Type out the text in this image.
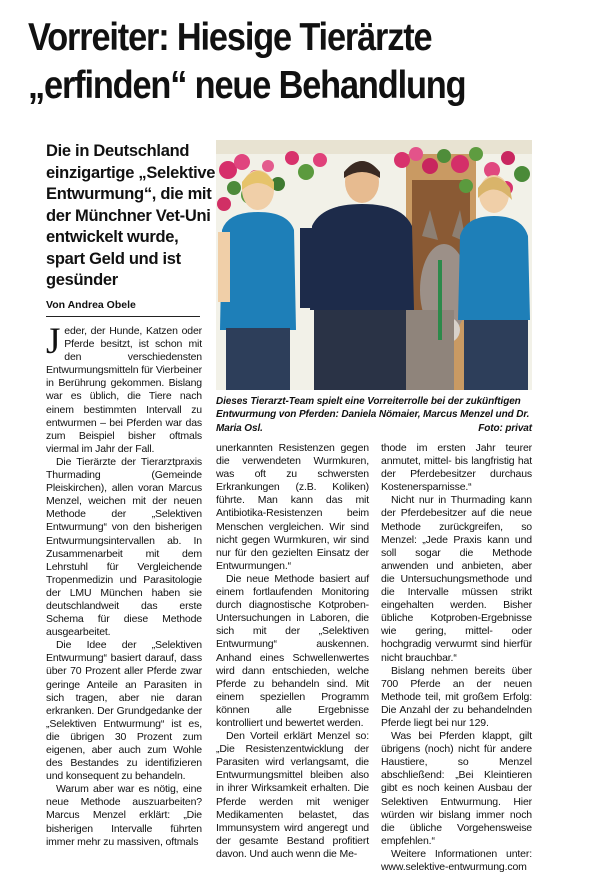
Vorreiter: Hiesige Tierärzte
„erfinden“ neue Behandlung
Die in Deutschland einzigartige „Selektive Entwurmung“, die mit der Münchner Vet-Uni entwickelt wurde, spart Geld und ist gesünder
Von Andrea Obele
Dieses Tierarzt-Team spielt eine Vorreiterrolle bei der zukünftigen Entwurmung von Pferden: Daniela Nömaier, Marcus Menzel und Dr. Maria Osl.	Foto: privat

Jeder, der Hunde, Katzen oder Pferde besitzt, ist schon mit den verschiedensten Entwurmungsmitteln für Vierbeiner in Berührung gekommen. Bislang war es üblich, die Tiere nach einem bestimmten Intervall zu entwurmen – bei Pferden war das zum Beispiel bisher oftmals viermal im Jahr der Fall.

Die Tierärzte der Tierarztpraxis Thurmading (Gemeinde Pleiskirchen), allen voran Marcus Menzel, weichen mit der neuen Methode der „Selektiven Entwurmung“ von den bisherigen Entwurmungsintervallen ab. In Zusammenarbeit mit dem Lehrstuhl für Vergleichende Tropenmedizin und Parasitologie der LMU München haben sie deutschlandweit das erste Schema für diese Methode ausgearbeitet.

Die Idee der „Selektiven Entwurmung“ basiert darauf, dass über 70 Prozent aller Pferde zwar geringe Anteile an Parasiten in sich tragen, aber nie daran erkranken. Der Grundgedanke der „Selektiven Entwurmung“ ist es, die übrigen 30 Prozent zum eigenen, aber auch zum Wohle des Bestandes zu identifizieren und konsequent zu behandeln.

Warum aber war es nötig, eine neue Methode auszuarbeiten? Marcus Menzel erklärt: „Die bisherigen Intervalle führten immer mehr zu massiven, oftmals

unerkannten Resistenzen gegen die verwendeten Wurmkuren, was oft zu schwersten Erkrankungen (z.B. Koliken) führte. Man kann das mit Antibiotika-Resistenzen beim Menschen vergleichen. Wir sind nicht gegen Wurmkuren, wir sind nur für den gezielten Einsatz der Entwurmungen.“

Die neue Methode basiert auf einem fortlaufenden Monitoring durch diagnostische Kotproben-Untersuchungen in Laboren, die sich mit der „Selektiven Entwurmung“ auskennen. Anhand eines Schwellenwertes wird dann entschieden, welche Pferde zu behandeln sind. Mit einem speziellen Programm können alle Ergebnisse kontrolliert und bewertet werden.

Den Vorteil erklärt Menzel so: „Die Resistenzentwicklung der Parasiten wird verlangsamt, die Entwurmungsmittel bleiben also in ihrer Wirksamkeit erhalten. Die Pferde werden mit weniger Medikamenten belastet, das Immunsystem wird angeregt und der gesamte Bestand profitiert davon. Und auch wenn die Me-

thode im ersten Jahr teurer anmutet, mittel- bis langfristig hat der Pferdebesitzer durchaus Kostenersparnisse.“

Nicht nur in Thurmading kann der Pferdebesitzer auf die neue Methode zurückgreifen, so Menzel: „Jede Praxis kann und soll sogar die Methode anwenden und anbieten, aber die Untersuchungsmethode und die Intervalle müssen strikt eingehalten werden. Bisher übliche Kotproben-Ergebnisse wie gering, mittel- oder hochgradig verwurmt sind hierfür nicht brauchbar.“

Bislang nehmen bereits über 700 Pferde an der neuen Methode teil, mit großem Erfolg: Die Anzahl der zu behandelnden Pferde liegt bei nur 129.

Was bei Pferden klappt, gilt übrigens (noch) nicht für andere Haustiere, so Menzel abschließend: „Bei Kleintieren gibt es noch keinen Ausbau der Selektiven Entwurmung. Hier würden wir bislang immer noch die übliche Vorgehensweise empfehlen.“

Weitere Informationen unter: www.selektive-entwurmung.com
